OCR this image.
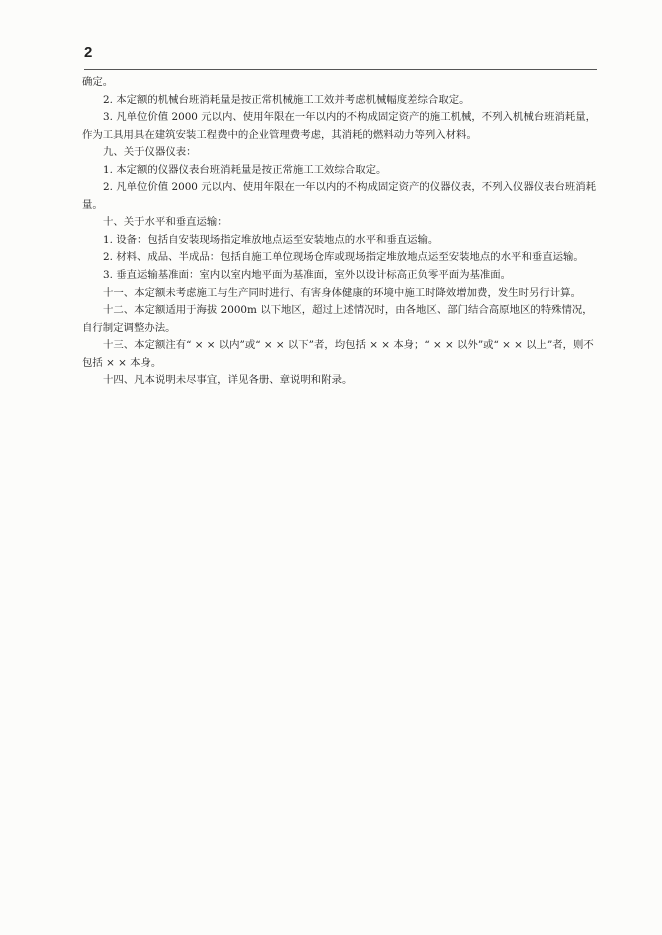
2

确定。

2. 本定额的机械台班消耗量是按正常机械施工工效并考虑机械幅度差综合取定。

3. 凡单位价值 2000 元以内、使用年限在一年以内的不构成固定资产的施工机械，不列入机械台班消耗量，作为工具用具在建筑安装工程费中的企业管理费考虑，其消耗的燃料动力等列入材料。

九、关于仪器仪表：

1. 本定额的仪器仪表台班消耗量是按正常施工工效综合取定。

2. 凡单位价值 2000 元以内、使用年限在一年以内的不构成固定资产的仪器仪表，不列入仪器仪表台班消耗量。

十、关于水平和垂直运输：

1. 设备：包括自安装现场指定堆放地点运至安装地点的水平和垂直运输。

2. 材料、成品、半成品：包括自施工单位现场仓库或现场指定堆放地点运至安装地点的水平和垂直运输。

3. 垂直运输基准面：室内以室内地平面为基准面，室外以设计标高正负零平面为基准面。

十一、本定额未考虑施工与生产同时进行、有害身体健康的环境中施工时降效增加费，发生时另行计算。

十二、本定额适用于海拔 2000m 以下地区，超过上述情况时，由各地区、部门结合高原地区的特殊情况，自行制定调整办法。

十三、本定额注有“ × × 以内”或“ × × 以下”者，均包括 × × 本身；“ × × 以外”或“ × × 以上”者，则不包括 × × 本身。

十四、凡本说明未尽事宜，详见各册、章说明和附录。
